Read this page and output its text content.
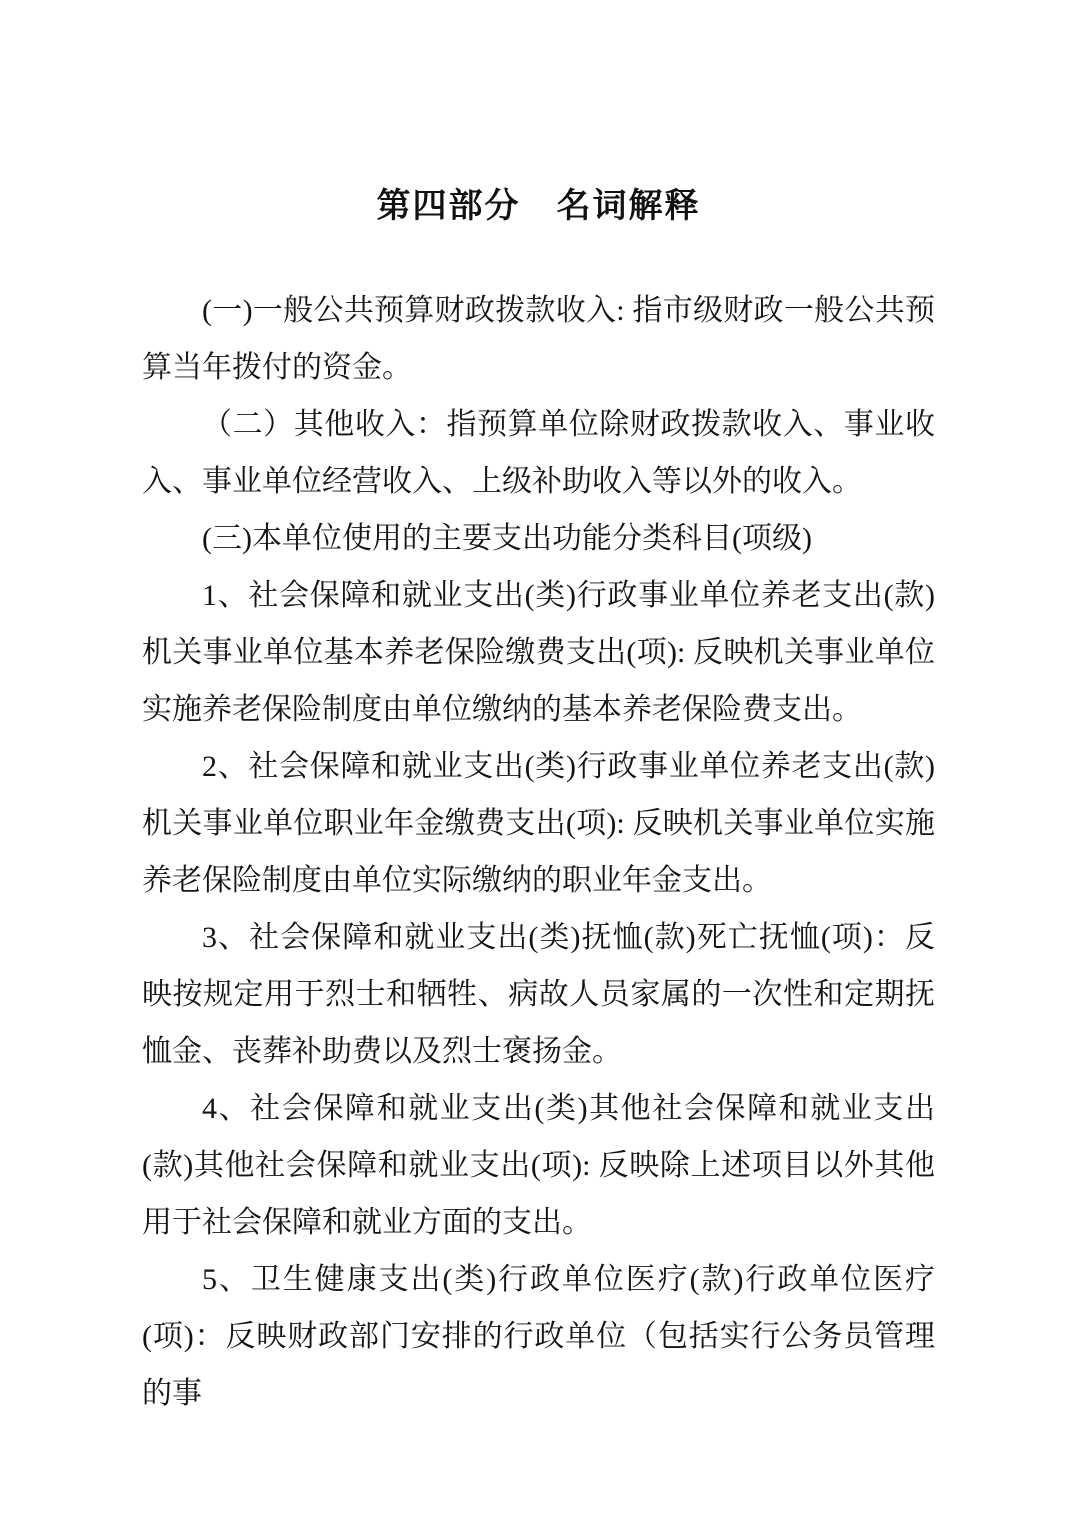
第四部分　名词解释

(一)一般公共预算财政拨款收入: 指市级财政一般公共预算当年拨付的资金。

（二）其他收入：指预算单位除财政拨款收入、事业收入、事业单位经营收入、上级补助收入等以外的收入。

(三)本单位使用的主要支出功能分类科目(项级)

1、社会保障和就业支出(类)行政事业单位养老支出(款)机关事业单位基本养老保险缴费支出(项): 反映机关事业单位实施养老保险制度由单位缴纳的基本养老保险费支出。

2、社会保障和就业支出(类)行政事业单位养老支出(款)机关事业单位职业年金缴费支出(项): 反映机关事业单位实施养老保险制度由单位实际缴纳的职业年金支出。

3、社会保障和就业支出(类)抚恤(款)死亡抚恤(项)：反映按规定用于烈士和牺牲、病故人员家属的一次性和定期抚恤金、丧葬补助费以及烈士褒扬金。

4、社会保障和就业支出(类)其他社会保障和就业支出(款)其他社会保障和就业支出(项): 反映除上述项目以外其他用于社会保障和就业方面的支出。

5、卫生健康支出(类)行政单位医疗(款)行政单位医疗(项)：反映财政部门安排的行政单位（包括实行公务员管理的事
